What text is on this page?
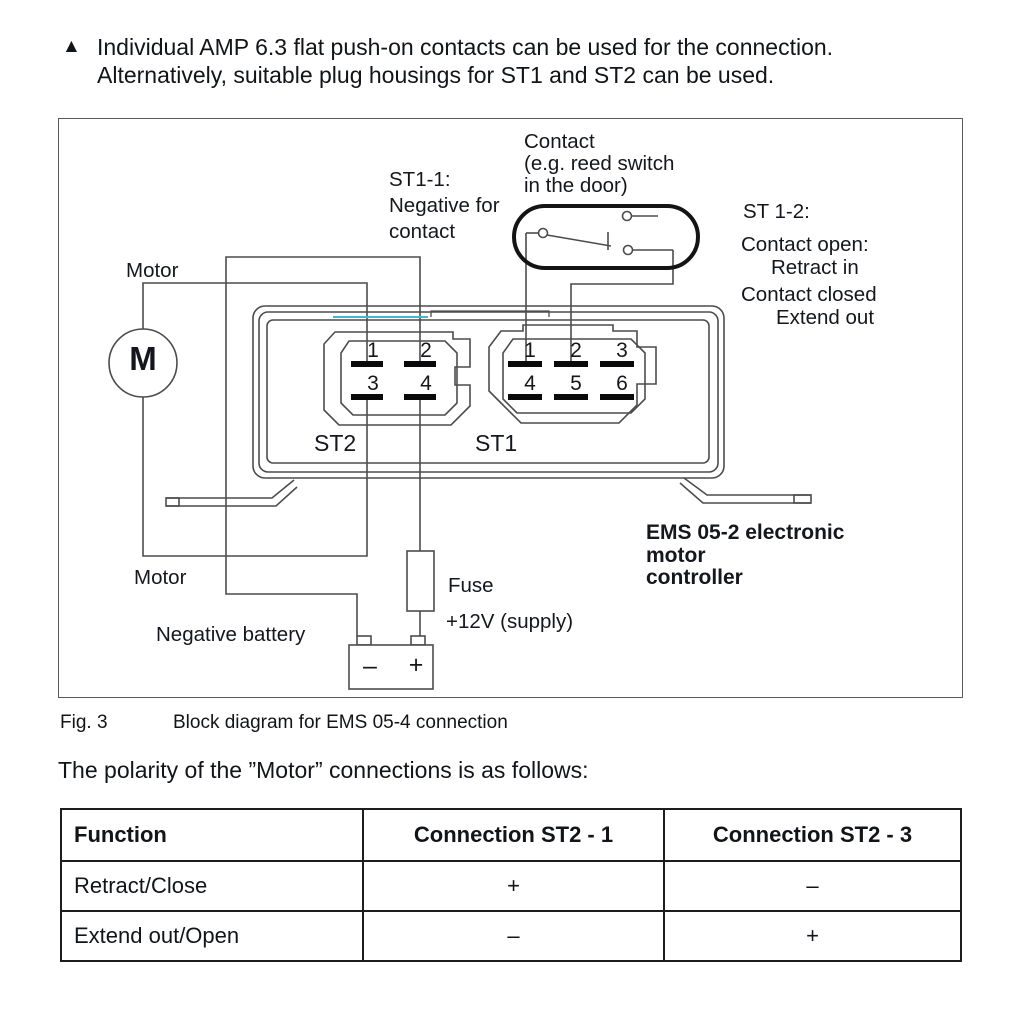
▲ Individual AMP 6.3 flat push-on contacts can be used for the connection.
Alternatively, suitable plug housings for ST1 and ST2 can be used.
Contact
(e.g. reed switch
in the door)
ST1-1:
Negative for
contact
ST 1-2:
Contact open:
Retract in
Contact closed
Extend out
Motor
Motor
Negative battery
Fuse
+12V (supply)
EMS 05-2 electronic
motor
controller
ST2	ST1
M
– +
1	2
3	4
1	2	3
4	5	6
Fig. 3	Block diagram for EMS 05-4 connection
The polarity of the ”Motor” connections is as follows:
Function	Connection ST2 - 1	Connection ST2 - 3
Retract/Close	+	–
Extend out/Open	–	+
